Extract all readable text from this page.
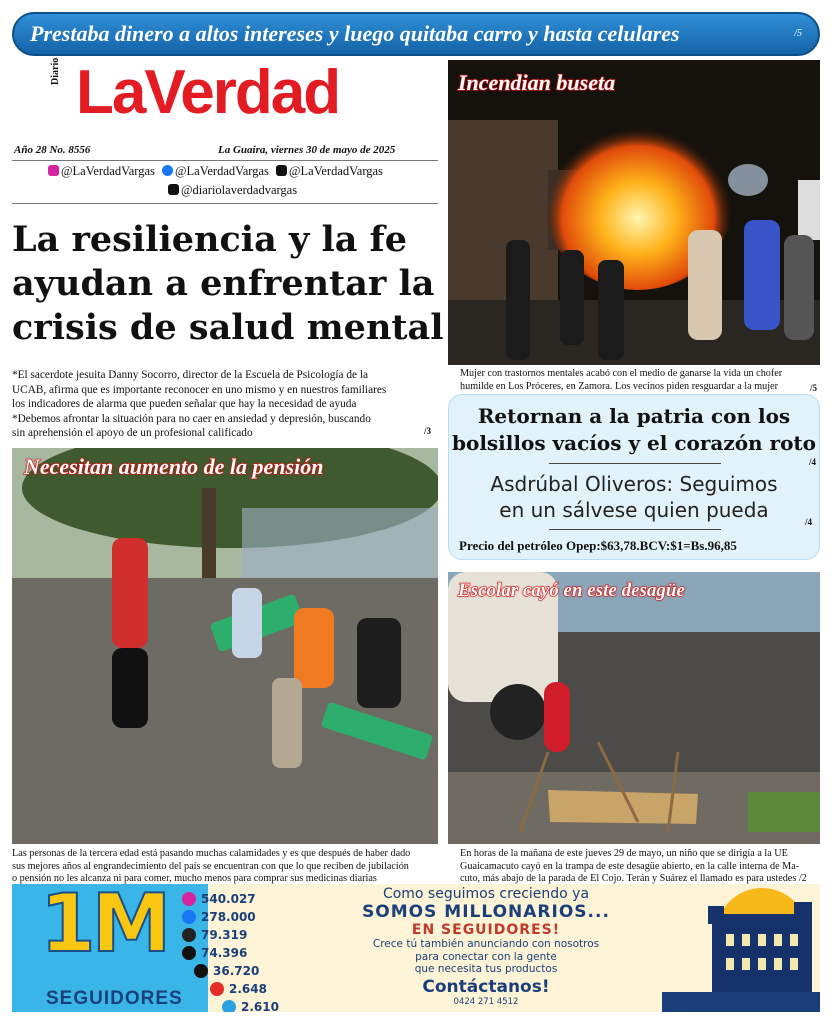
Prestaba dinero a altos intereses y luego quitaba carro y hasta celulares	/5
Diario LaVerdad
Año 28 No. 8556	La Guaira, viernes 30 de mayo de 2025
@LaVerdadVargas @LaVerdadVargas @LaVerdadVargas
@diariolaverdadvargas
La resiliencia y la fe
ayudan a enfrentar la
crisis de salud mental
*El sacerdote jesuita Danny Socorro, director de la Escuela de Psicología de la
UCAB, afirma que es importante reconocer en uno mismo y en nuestros familiares
los indicadores de alarma que pueden señalar que hay la necesidad de ayuda
*Debemos afrontar la situación para no caer en ansiedad y depresión, buscando
sin aprehensión el apoyo de un profesional calificado	/3
Incendian buseta
Mujer con trastornos mentales acabó con el medio de ganarse la vida un chofer
humilde en Los Próceres, en Zamora. Los vecinos piden resguardar a la mujer	/5
Retornan a la patria con los
bolsillos vacíos y el corazón roto
/4
Asdrúbal Oliveros: Seguimos
en un sálvese quien pueda	/4
Precio del petróleo Opep:$63,78.BCV:$1=Bs.96,85
Necesitan aumento de la pensión
Las personas de la tercera edad está pasando muchas calamidades y es que después de haber dado
sus mejores años al engrandecimiento del país se encuentran con que lo que reciben de jubilación
o pensión no les alcanza ni para comer, mucho menos para comprar sus medicinas diarias
Escolar cayó en este desagüe
En horas de la mañana de este jueves 29 de mayo, un niño que se dirigía a la UE
Guaicamacuto cayó en la trampa de este desagüe abierto, en la calle interna de Ma-
cuto, más abajo de la parada de El Cojo. Terán y Suárez el llamado es para ustedes /2
1M
SEGUIDORES
540.027
278.000
79.319
74.396
36.720
2.648
2.610
Como seguimos creciendo ya
SOMOS MILLONARIOS...
EN SEGUIDORES!
Crece tú también anunciando con nosotros
para conectar con la gente
que necesita tus productos
Contáctanos!
0424 271 4512
